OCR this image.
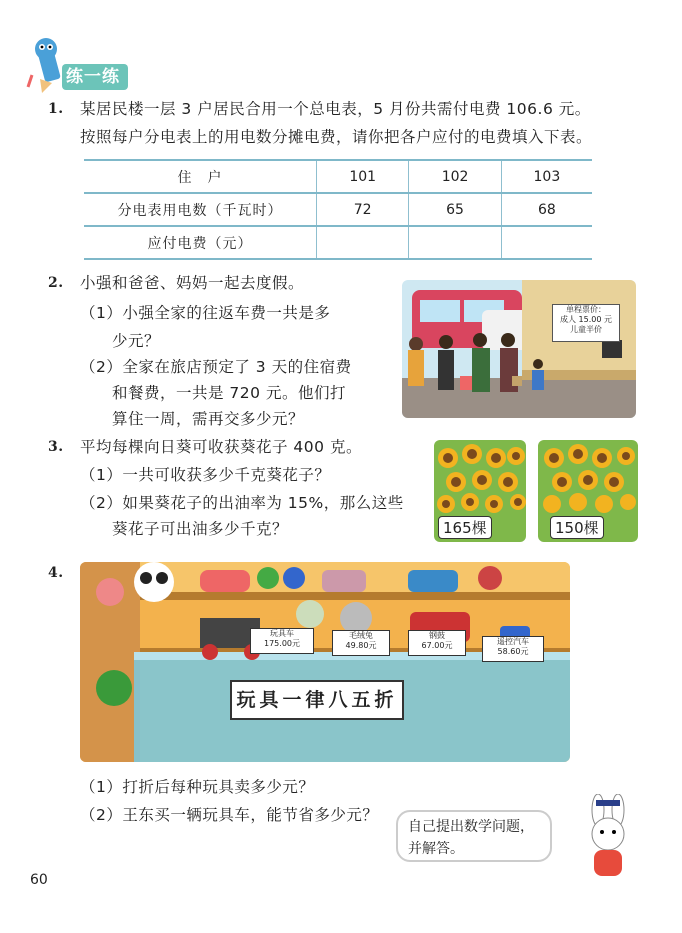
练一练
1. 某居民楼一层 3 户居民合用一个总电表，5 月份共需付电费 106.6 元。
按照每户分电表上的用电数分摊电费，请你把各户应付的电费填入下表。
住　户	101	102	103
分电表用电数（千瓦时）	72	65	68
应付电费（元）			
2. 小强和爸爸、妈妈一起去度假。
（1）小强全家的往返车费一共是多
少元？
（2）全家在旅店预定了 3 天的住宿费
和餐费，一共是 720 元。他们打
算住一周，需再交多少元？
单程票价：
成人 15.00 元
儿童半价
3. 平均每棵向日葵可收获葵花子 400 克。
（1）一共可收获多少千克葵花子？
（2）如果葵花子的出油率为 15%，那么这些
葵花子可出油多少千克？	165棵	150棵
4.
玩具车
175.00元
毛绒兔
49.80元
钢鼓
67.00元	遥控汽车
58.60元
玩具一律八五折
（1）打折后每种玩具卖多少元？
（2）王东买一辆玩具车，能节省多少元？
自己提出数学问题，并解答。
60
